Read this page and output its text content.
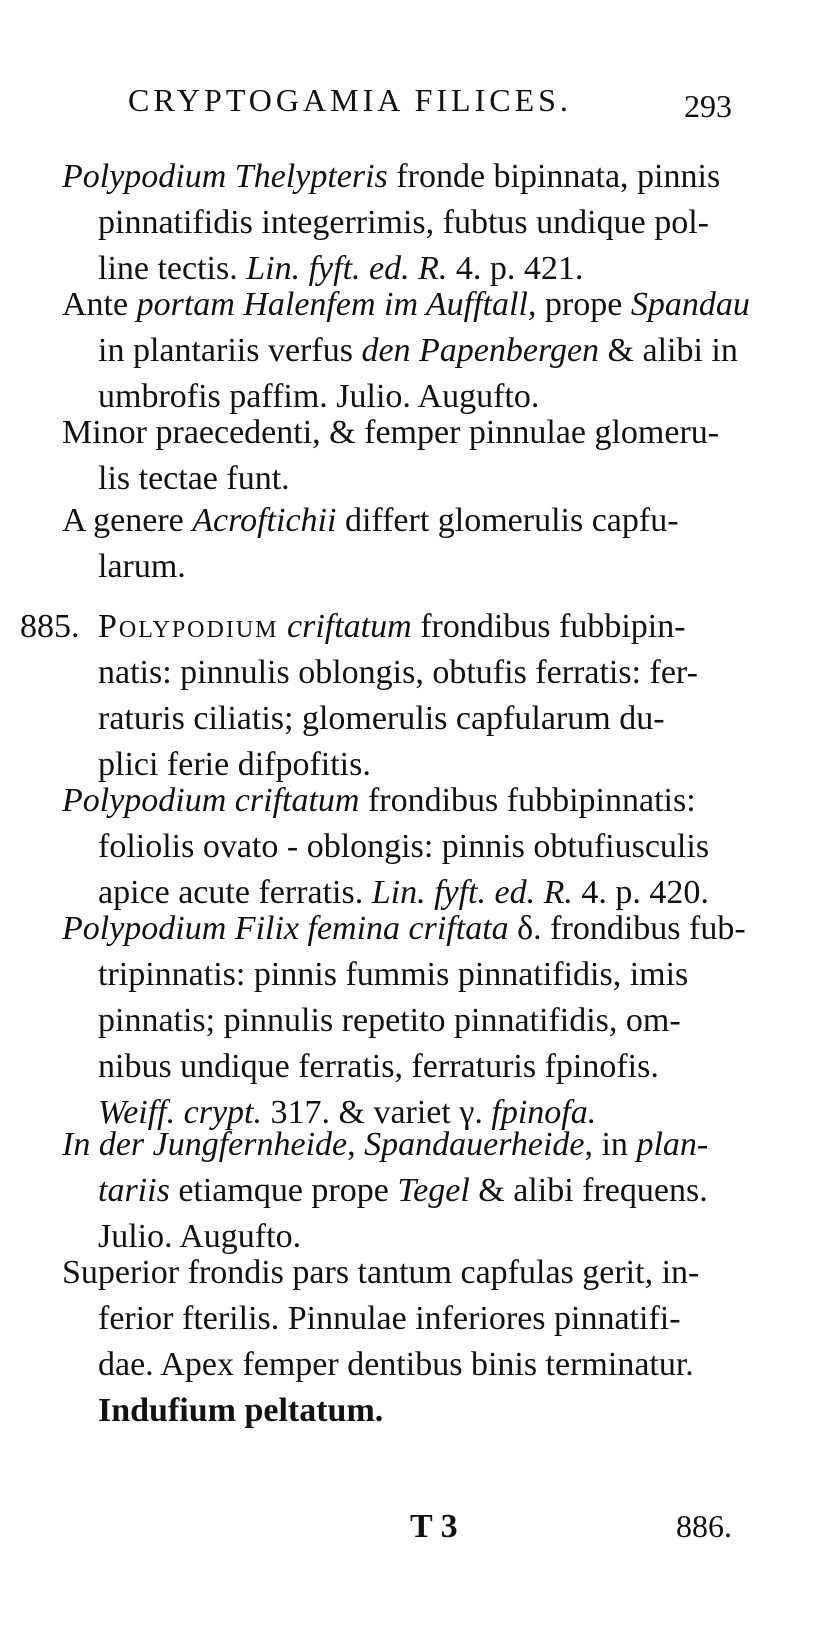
CRYPTOGAMIA FILICES.	293
Polypodium Thelypteris fronde bipinnata, pinnis
pinnatifidis integerrimis, fubtus undique pol-
line tectis. Lin. fyft. ed. R. 4. p. 421.
Ante portam Halenfem im Aufftall, prope Spandau
in plantariis verfus den Papenbergen & alibi in
umbrofis paffim. Julio. Augufto.
Minor praecedenti, & femper pinnulae glomeru-
lis tectae funt.
A genere Acroftichii differt glomerulis capfu-
larum.
885. Polypodium criftatum frondibus fubbipin-
natis: pinnulis oblongis, obtufis ferratis: fer-
raturis ciliatis; glomerulis capfularum du-
plici ferie difpofitis.
Polypodium criftatum frondibus fubbipinnatis:
foliolis ovato - oblongis: pinnis obtufiusculis
apice acute ferratis. Lin. fyft. ed. R. 4. p. 420.
Polypodium Filix femina criftata δ. frondibus fub-
tripinnatis: pinnis fummis pinnatifidis, imis
pinnatis; pinnulis repetito pinnatifidis, om-
nibus undique ferratis, ferraturis fpinofis.
Weiff. crypt. 317. & variet γ. fpinofa.
In der Jungfernheide, Spandauerheide, in plan-
tariis etiamque prope Tegel & alibi frequens.
Julio. Augufto.
Superior frondis pars tantum capfulas gerit, in-
ferior fterilis. Pinnulae inferiores pinnatifi-
dae. Apex femper dentibus binis terminatur.
Indufium peltatum.
T 3	886.
